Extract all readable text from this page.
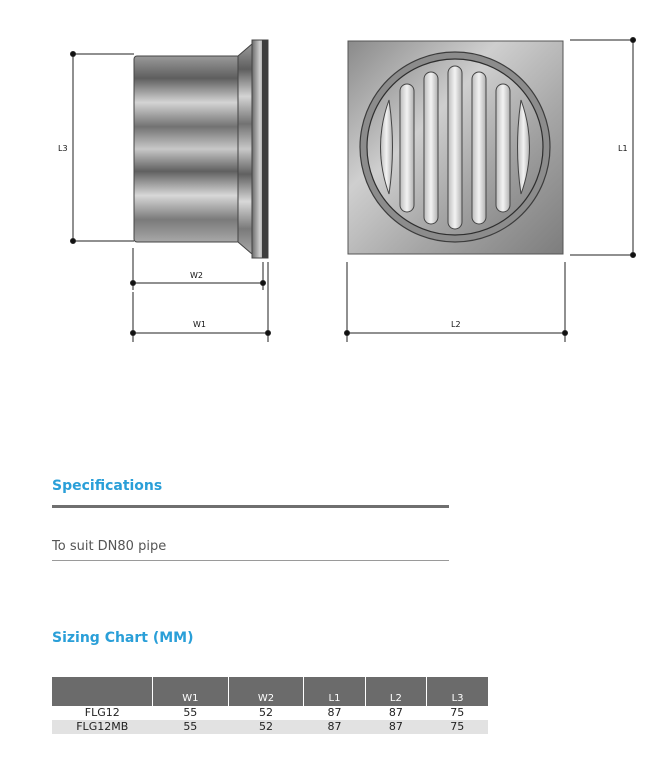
L3
W2
W1
L1
L2
Specifications
To suit DN80 pipe
Sizing Chart (MM)
	W1	W2	L1	L2	L3
FLG12	55	52	87	87	75
FLG12MB	55	52	87	87	75
